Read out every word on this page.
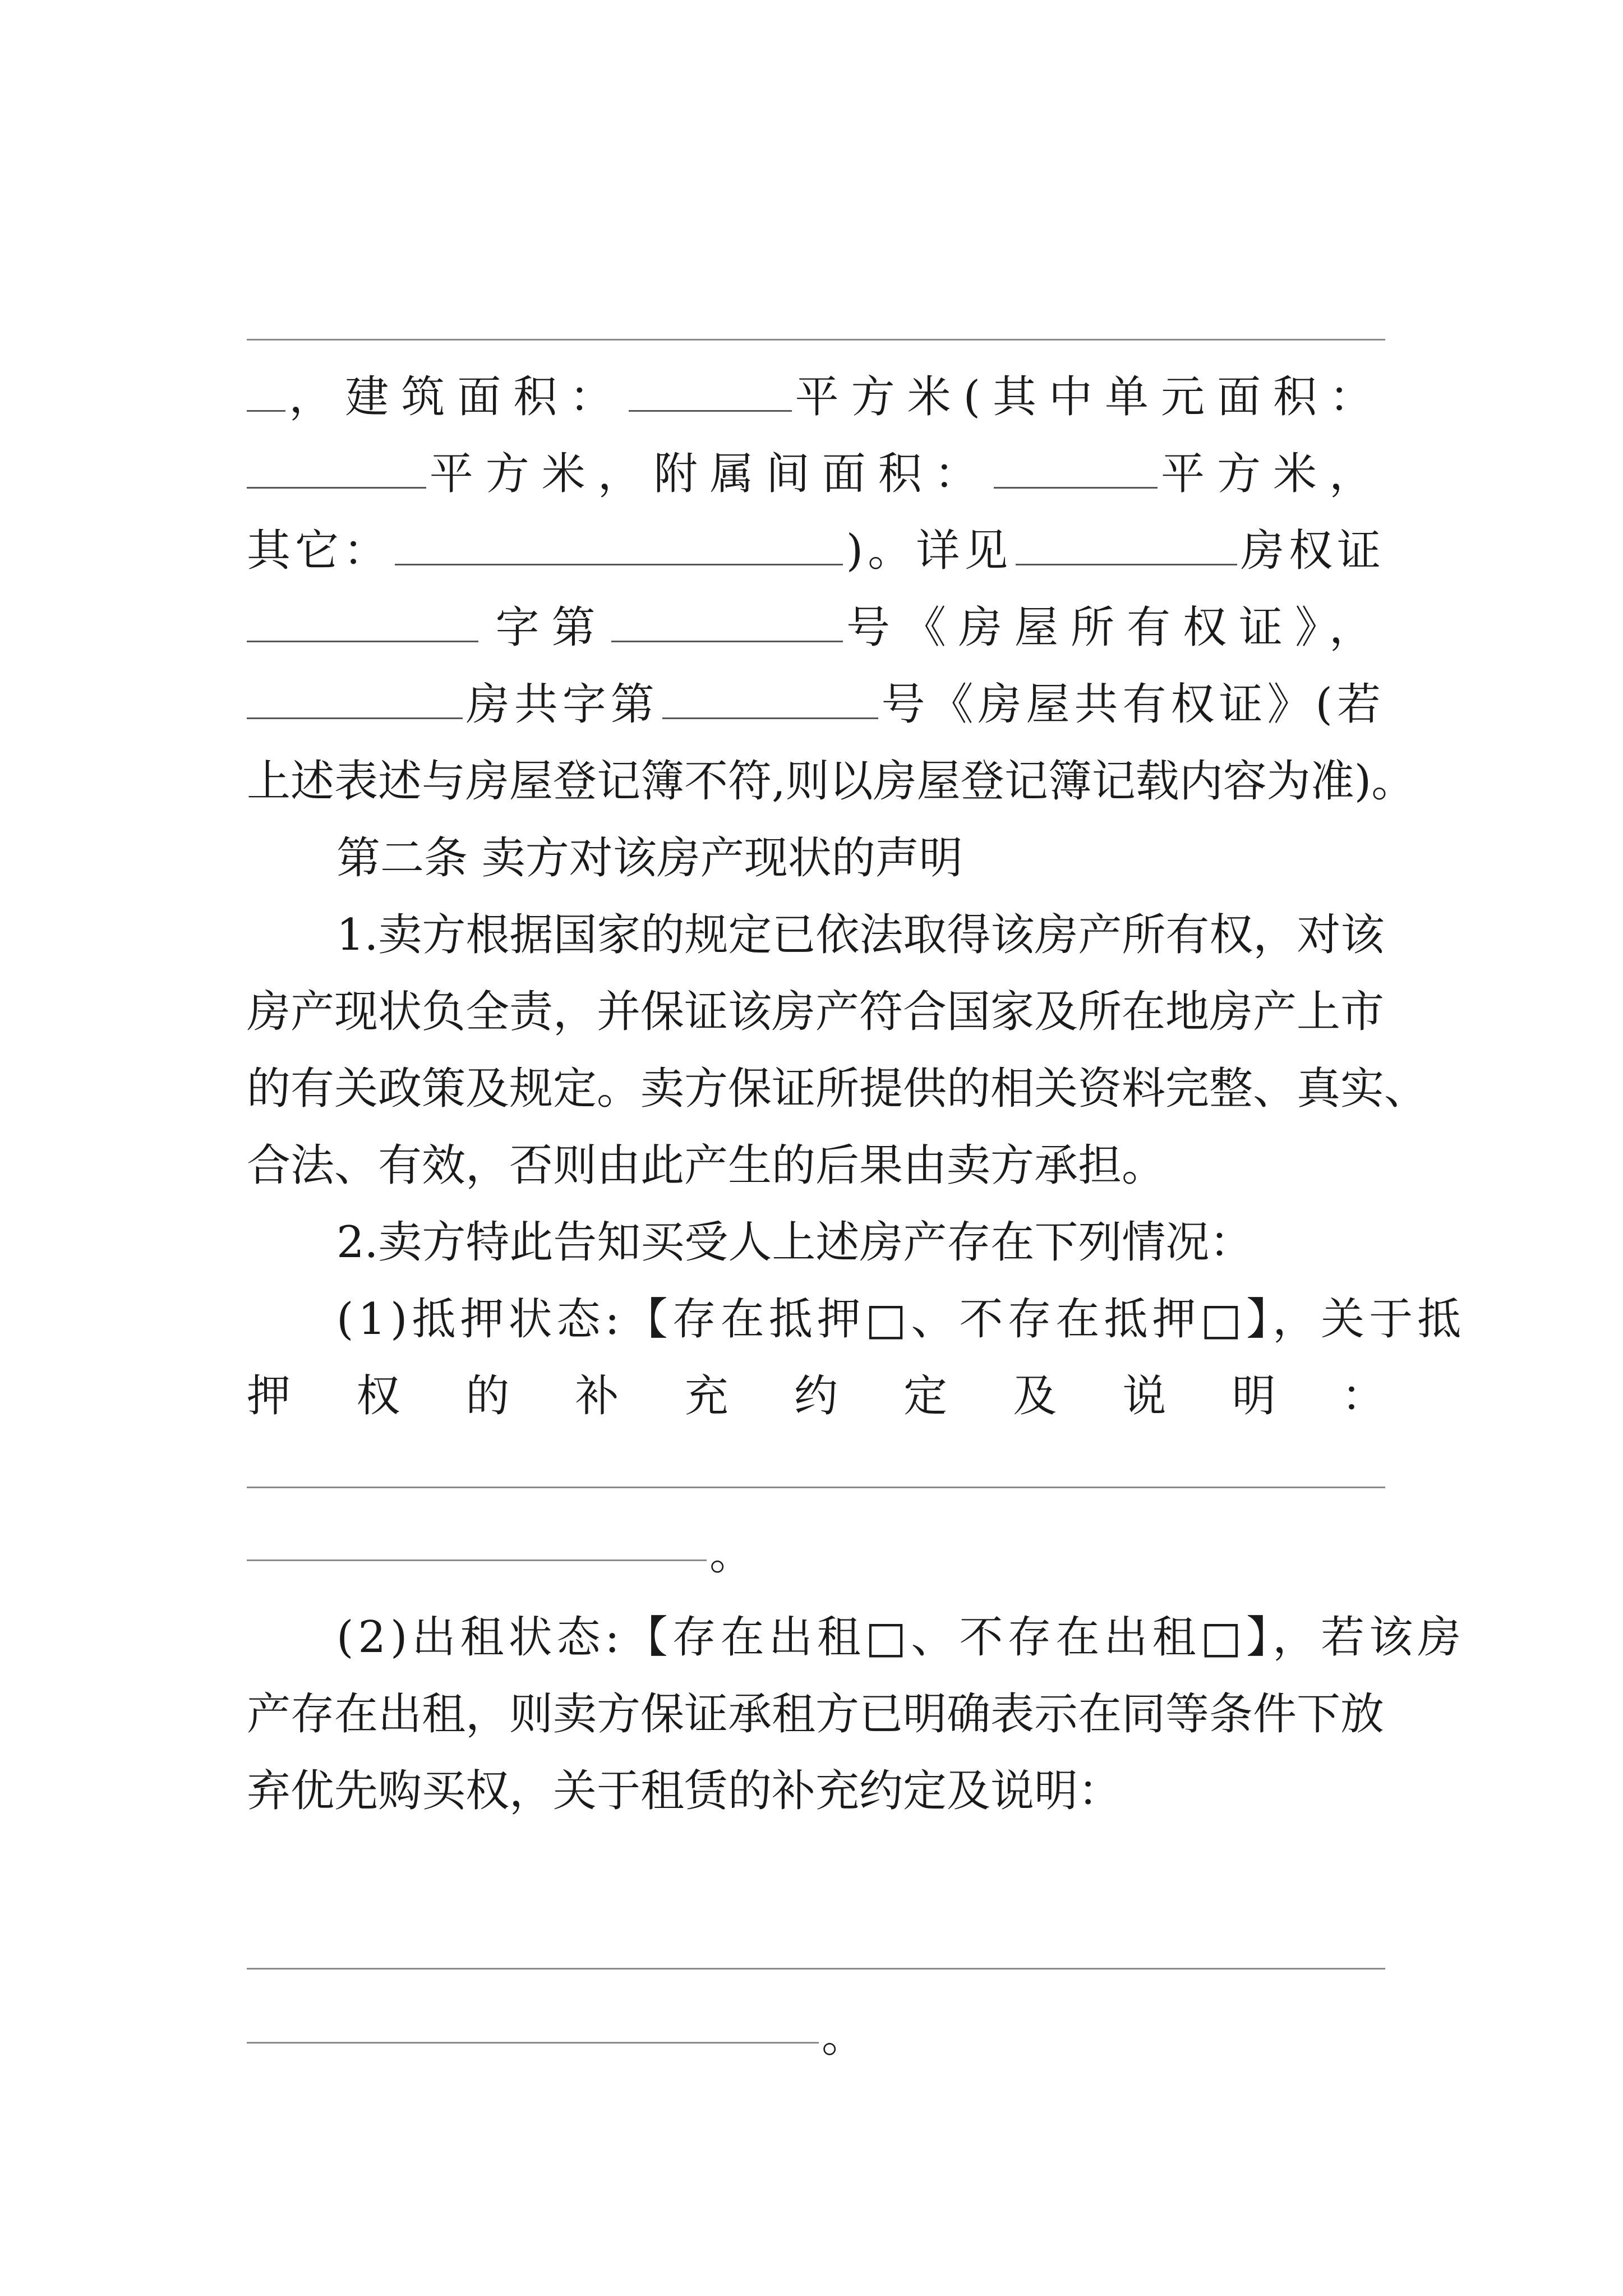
，建筑面积：	平方米(其中单元面积：
平方米，附属间面积：	平方米，
其它：	)。详见	房权证
字第	号《房屋所有权证》，
房共字第	号《房屋共有权证》(若
上述表述与房屋登记簿不符,则以房屋登记簿记载内容为准)。
第二条 卖方对该房产现状的声明
1.卖方根据国家的规定已依法取得该房产所有权，对该
房产现状负全责，并保证该房产符合国家及所在地房产上市
的有关政策及规定。卖方保证所提供的相关资料完整、真实、
合法、有效，否则由此产生的后果由卖方承担。
2.卖方特此告知买受人上述房产存在下列情况：
(1)抵押状态:【存在抵押□、不存在抵押□】，关于抵
押 权 的 补 充 约 定 及 说 明 ：
。
(2)出租状态:【存在出租□、不存在出租□】，若该房
产存在出租，则卖方保证承租方已明确表示在同等条件下放
弃优先购买权，关于租赁的补充约定及说明：
。
